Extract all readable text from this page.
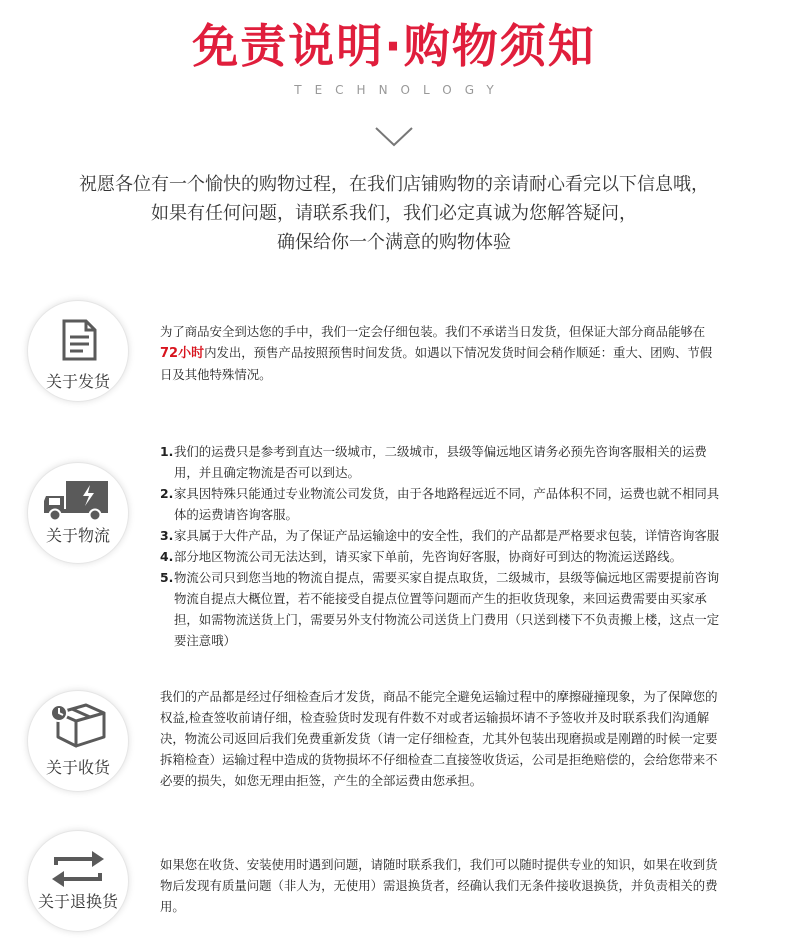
免责说明·购物须知
TECHNOLOGY
祝愿各位有一个愉快的购物过程，在我们店铺购物的亲请耐心看完以下信息哦，
如果有任何问题，请联系我们，我们必定真诚为您解答疑问，
确保给你一个满意的购物体验
关于发货
为了商品安全到达您的手中，我们一定会仔细包装。我们不承诺当日发货，但保证大部分商品能够在72小时内发出，预售产品按照预售时间发货。如遇以下情况发货时间会稍作顺延：重大、团购、节假日及其他特殊情况。
关于物流
1. 我们的运费只是参考到直达一级城市，二级城市，县级等偏远地区请务必预先咨询客服相关的运费用，并且确定物流是否可以到达。
2. 家具因特殊只能通过专业物流公司发货，由于各地路程远近不同，产品体积不同，运费也就不相同具体的运费请咨询客服。
3. 家具属于大件产品，为了保证产品运输途中的安全性，我们的产品都是严格要求包装，详情咨询客服
4. 部分地区物流公司无法达到，请买家下单前，先咨询好客服，协商好可到达的物流运送路线。
5. 物流公司只到您当地的物流自提点，需要买家自提点取货，二级城市，县级等偏远地区需要提前咨询物流自提点大概位置，若不能接受自提点位置等问题而产生的拒收货现象，来回运费需要由买家承担，如需物流送货上门，需要另外支付物流公司送货上门费用（只送到楼下不负责搬上楼，这点一定要注意哦）
关于收货
我们的产品都是经过仔细检查后才发货，商品不能完全避免运输过程中的摩擦碰撞现象，为了保障您的权益,检查签收前请仔细，检查验货时发现有件数不对或者运输损坏请不予签收并及时联系我们沟通解决，物流公司返回后我们免费重新发货（请一定仔细检查，尤其外包装出现磨损或是刚蹭的时候一定要拆箱检查）运输过程中造成的货物损坏不仔细检查二直接签收货运，公司是拒绝赔偿的，会给您带来不必要的损失，如您无理由拒签，产生的全部运费由您承担。
关于退换货
如果您在收货、安装使用时遇到问题，请随时联系我们，我们可以随时提供专业的知识，如果在收到货物后发现有质量问题（非人为，无使用）需退换货者，经确认我们无条件接收退换货，并负责相关的费用。
